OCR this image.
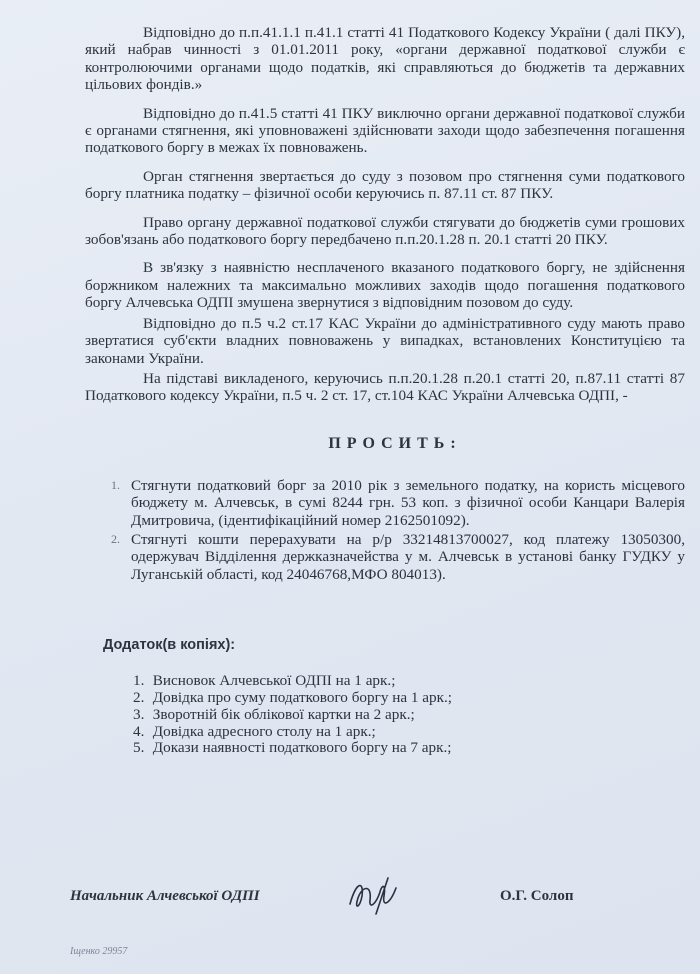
Відповідно до п.п.41.1.1 п.41.1 статті 41 Податкового Кодексу України ( далі ПКУ), який набрав чинності з 01.01.2011 року, «органи державної податкової служби є контролюючими органами щодо податків, які справляються до бюджетів та державних цільових фондів.»

Відповідно до п.41.5 статті 41 ПКУ виключно органи державної податкової служби є органами стягнення, які уповноважені здійснювати заходи щодо забезпечення погашення податкового боргу в межах їх повноважень.

Орган стягнення звертається до суду з позовом про стягнення суми податкового боргу платника податку – фізичної особи керуючись п. 87.11 ст. 87 ПКУ.

Право органу державної податкової служби стягувати до бюджетів суми грошових зобов'язань або податкового боргу передбачено п.п.20.1.28 п. 20.1 статті 20 ПКУ.

В зв'язку з наявністю несплаченого вказаного податкового боргу, не здійснення боржником належних та максимально можливих заходів щодо погашення податкового боргу Алчевська ОДПІ змушена звернутися з відповідним позовом до суду.

Відповідно до п.5 ч.2 ст.17 КАС України до адміністративного суду мають право звертатися суб'єкти владних повноважень у випадках, встановлених Конституцією та законами України.

На підставі викладеного, керуючись п.п.20.1.28 п.20.1 статті 20, п.87.11 статті 87 Податкового кодексу України, п.5 ч. 2 ст. 17, ст.104 КАС України Алчевська ОДПІ, -

ПРОСИТЬ:
1. Стягнути податковий борг за 2010 рік з земельного податку, на користь місцевого бюджету м. Алчевськ, в сумі 8244 грн. 53 коп. з фізичної особи Канцари Валерія Дмитровича, (ідентифікаційний номер 2162501092).
2. Стягнуті кошти перерахувати на р/р 33214813700027, код платежу 13050300, одержувач Відділення держказначейства у м. Алчевськ в установі банку ГУДКУ у Луганській області, код 24046768,МФО 804013).
Додаток(в копіях):
1. Висновок Алчевської ОДПІ на 1 арк.;
2. Довідка про суму податкового боргу на 1 арк.;
3. Зворотній бік облікової картки на 2 арк.;
4. Довідка адресного столу на 1 арк.;
5. Докази наявності податкового боргу на 7 арк.;
Начальник Алчевської ОДПІ	О.Г. Солоп
Іщенко 29957
